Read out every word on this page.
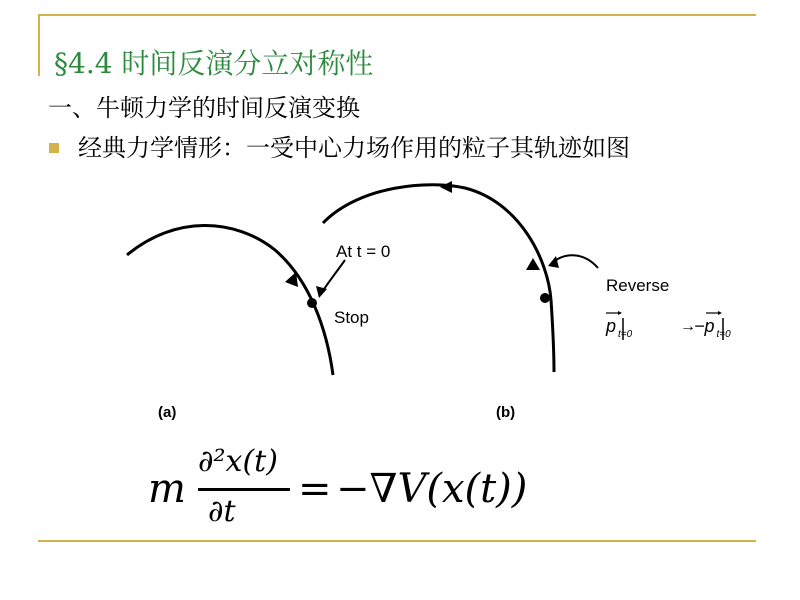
§4.4 时间反演分立对称性
一、牛顿力学的时间反演变换
经典力学情形：一受中心力场作用的粒子其轨迹如图
At t = 0
Stop
(a)
Reverse
p $_{t=0}$	→
−p $_{t=0}$
(b)
m
∂²x(t)
∂t = −∇V(x(t))
